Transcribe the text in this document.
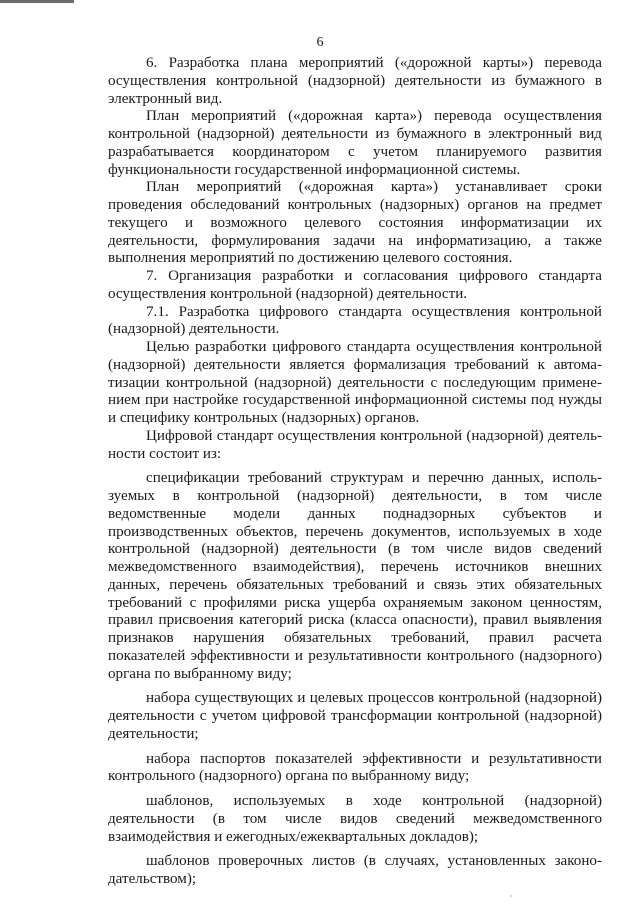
6

6. Разработка плана мероприятий («дорожной карты») перевода осуществления контрольной (надзорной) деятельности из бумажного в электронный вид.

План мероприятий («дорожная карта») перевода осуществления контрольной (надзорной) деятельности из бумажного в электронный вид разрабатывается координатором с учетом планируемого развития функциональности государственной информационной системы.

План мероприятий («дорожная карта») устанавливает сроки проведения обследований контрольных (надзорных) органов на предмет текущего и возможного целевого состояния информатизации их деятельности, формулирования задачи на информатизацию, а также выполнения мероприятий по достижению целевого состояния.

7. Организация разработки и согласования цифрового стандарта осуществления контрольной (надзорной) деятельности.

7.1. Разработка цифрового стандарта осуществления контрольной (надзорной) деятельности.

Целью разработки цифрового стандарта осуществления контрольной (надзорной) деятельности является формализация требований к автоматизации контрольной (надзорной) деятельности с последующим применением при настройке государственной информационной системы под нужды и специфику контрольных (надзорных) органов.

Цифровой стандарт осуществления контрольной (надзорной) деятельности состоит из:

спецификации требований структурам и перечню данных, используемых в контрольной (надзорной) деятельности, в том числе ведомственные модели данных поднадзорных субъектов и производственных объектов, перечень документов, используемых в ходе контрольной (надзорной) деятельности (в том числе видов сведений межведомственного взаимодействия), перечень источников внешних данных, перечень обязательных требований и связь этих обязательных требований с профилями риска ущерба охраняемым законом ценностям, правил присвоения категорий риска (класса опасности), правил выявления признаков нарушения обязательных требований, правил расчета показателей эффективности и результативности контрольного (надзорного) органа по выбранному виду;

набора существующих и целевых процессов контрольной (надзорной) деятельности с учетом цифровой трансформации контрольной (надзорной) деятельности;

набора паспортов показателей эффективности и результативности контрольного (надзорного) органа по выбранному виду;

шаблонов, используемых в ходе контрольной (надзорной) деятельности (в том числе видов сведений межведомственного взаимодействия и ежегодных/ежеквартальных докладов);

шаблонов проверочных листов (в случаях, установленных законодательством);
